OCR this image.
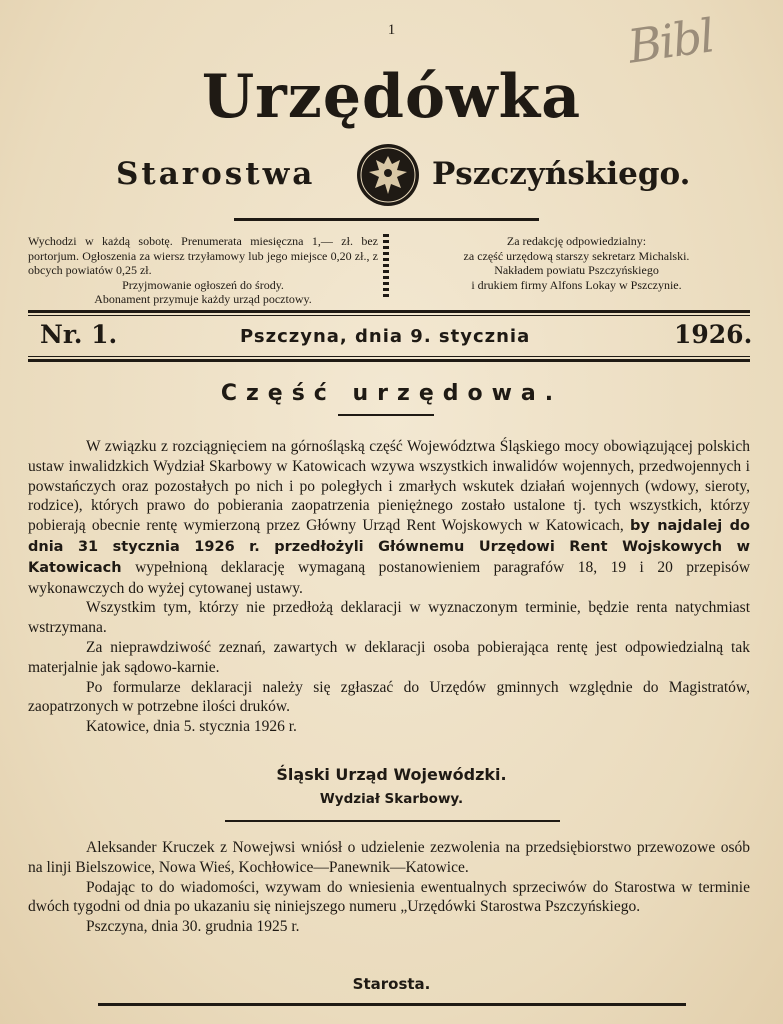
1	Bibl
Urzędówka
Starostwa	Pszczyńskiego.
Wychodzi w każdą sobotę. Prenumerata miesięczna 1,— zł. bez portorjum. Ogłoszenia za wiersz trzyłamowy lub jego miejsce 0,20 zł., z obcych powiatów 0,25 zł.
Przyjmowanie ogłoszeń do środy.
Abonament przymuje każdy urząd pocztowy.
Za redakcję odpowiedzialny:
za część urzędową starszy sekretarz Michalski.
Nakładem powiatu Pszczyńskiego
i drukiem firmy Alfons Lokay w Pszczynie.
Nr. 1.	Pszczyna, dnia 9. stycznia	1926.
Część urzędowa.

W związku z rozciągnięciem na górnośląską część Województwa Śląskiego mocy obowiązującej polskich ustaw inwalidzkich Wydział Skarbowy w Katowicach wzywa wszystkich inwalidów wojennych, przedwojennych i powstańczych oraz pozostałych po nich i po poległych i zmarłych wskutek działań wojennych (wdowy, sieroty, rodzice), których prawo do pobierania zaopatrzenia pieniężnego zostało ustalone tj. tych wszystkich, którzy pobierają obecnie rentę wymierzoną przez Główny Urząd Rent Wojskowych w Katowicach, by najdalej do dnia 31 stycznia 1926 r. przedłożyli Głównemu Urzędowi Rent Wojskowych w Katowicach wypełnioną deklarację wymaganą postanowieniem paragrafów 18, 19 i 20 przepisów wykonawczych do wyżej cytowanej ustawy.

Wszystkim tym, którzy nie przedłożą deklaracji w wyznaczonym terminie, będzie renta natychmiast wstrzymana.

Za nieprawdziwość zeznań, zawartych w deklaracji osoba pobierająca rentę jest odpowiedzialną tak materjalnie jak sądowo-karnie.

Po formularze deklaracji należy się zgłaszać do Urzędów gminnych względnie do Magistratów, zaopatrzonych w potrzebne ilości druków.

Katowice, dnia 5. stycznia 1926 r.

Śląski Urząd Wojewódzki.
Wydział Skarbowy.

Aleksander Kruczek z Nowejwsi wniósł o udzielenie zezwolenia na przedsiębiorstwo przewozowe osób na linji Bielszowice, Nowa Wieś, Kochłowice—Panewnik—Katowice.

Podając to do wiadomości, wzywam do wniesienia ewentualnych sprzeciwów do Starostwa w terminie dwóch tygodni od dnia po ukazaniu się niniejszego numeru „Urzędówki Starostwa Pszczyńskiego.

Pszczyna, dnia 30. grudnia 1925 r.

Starosta.
